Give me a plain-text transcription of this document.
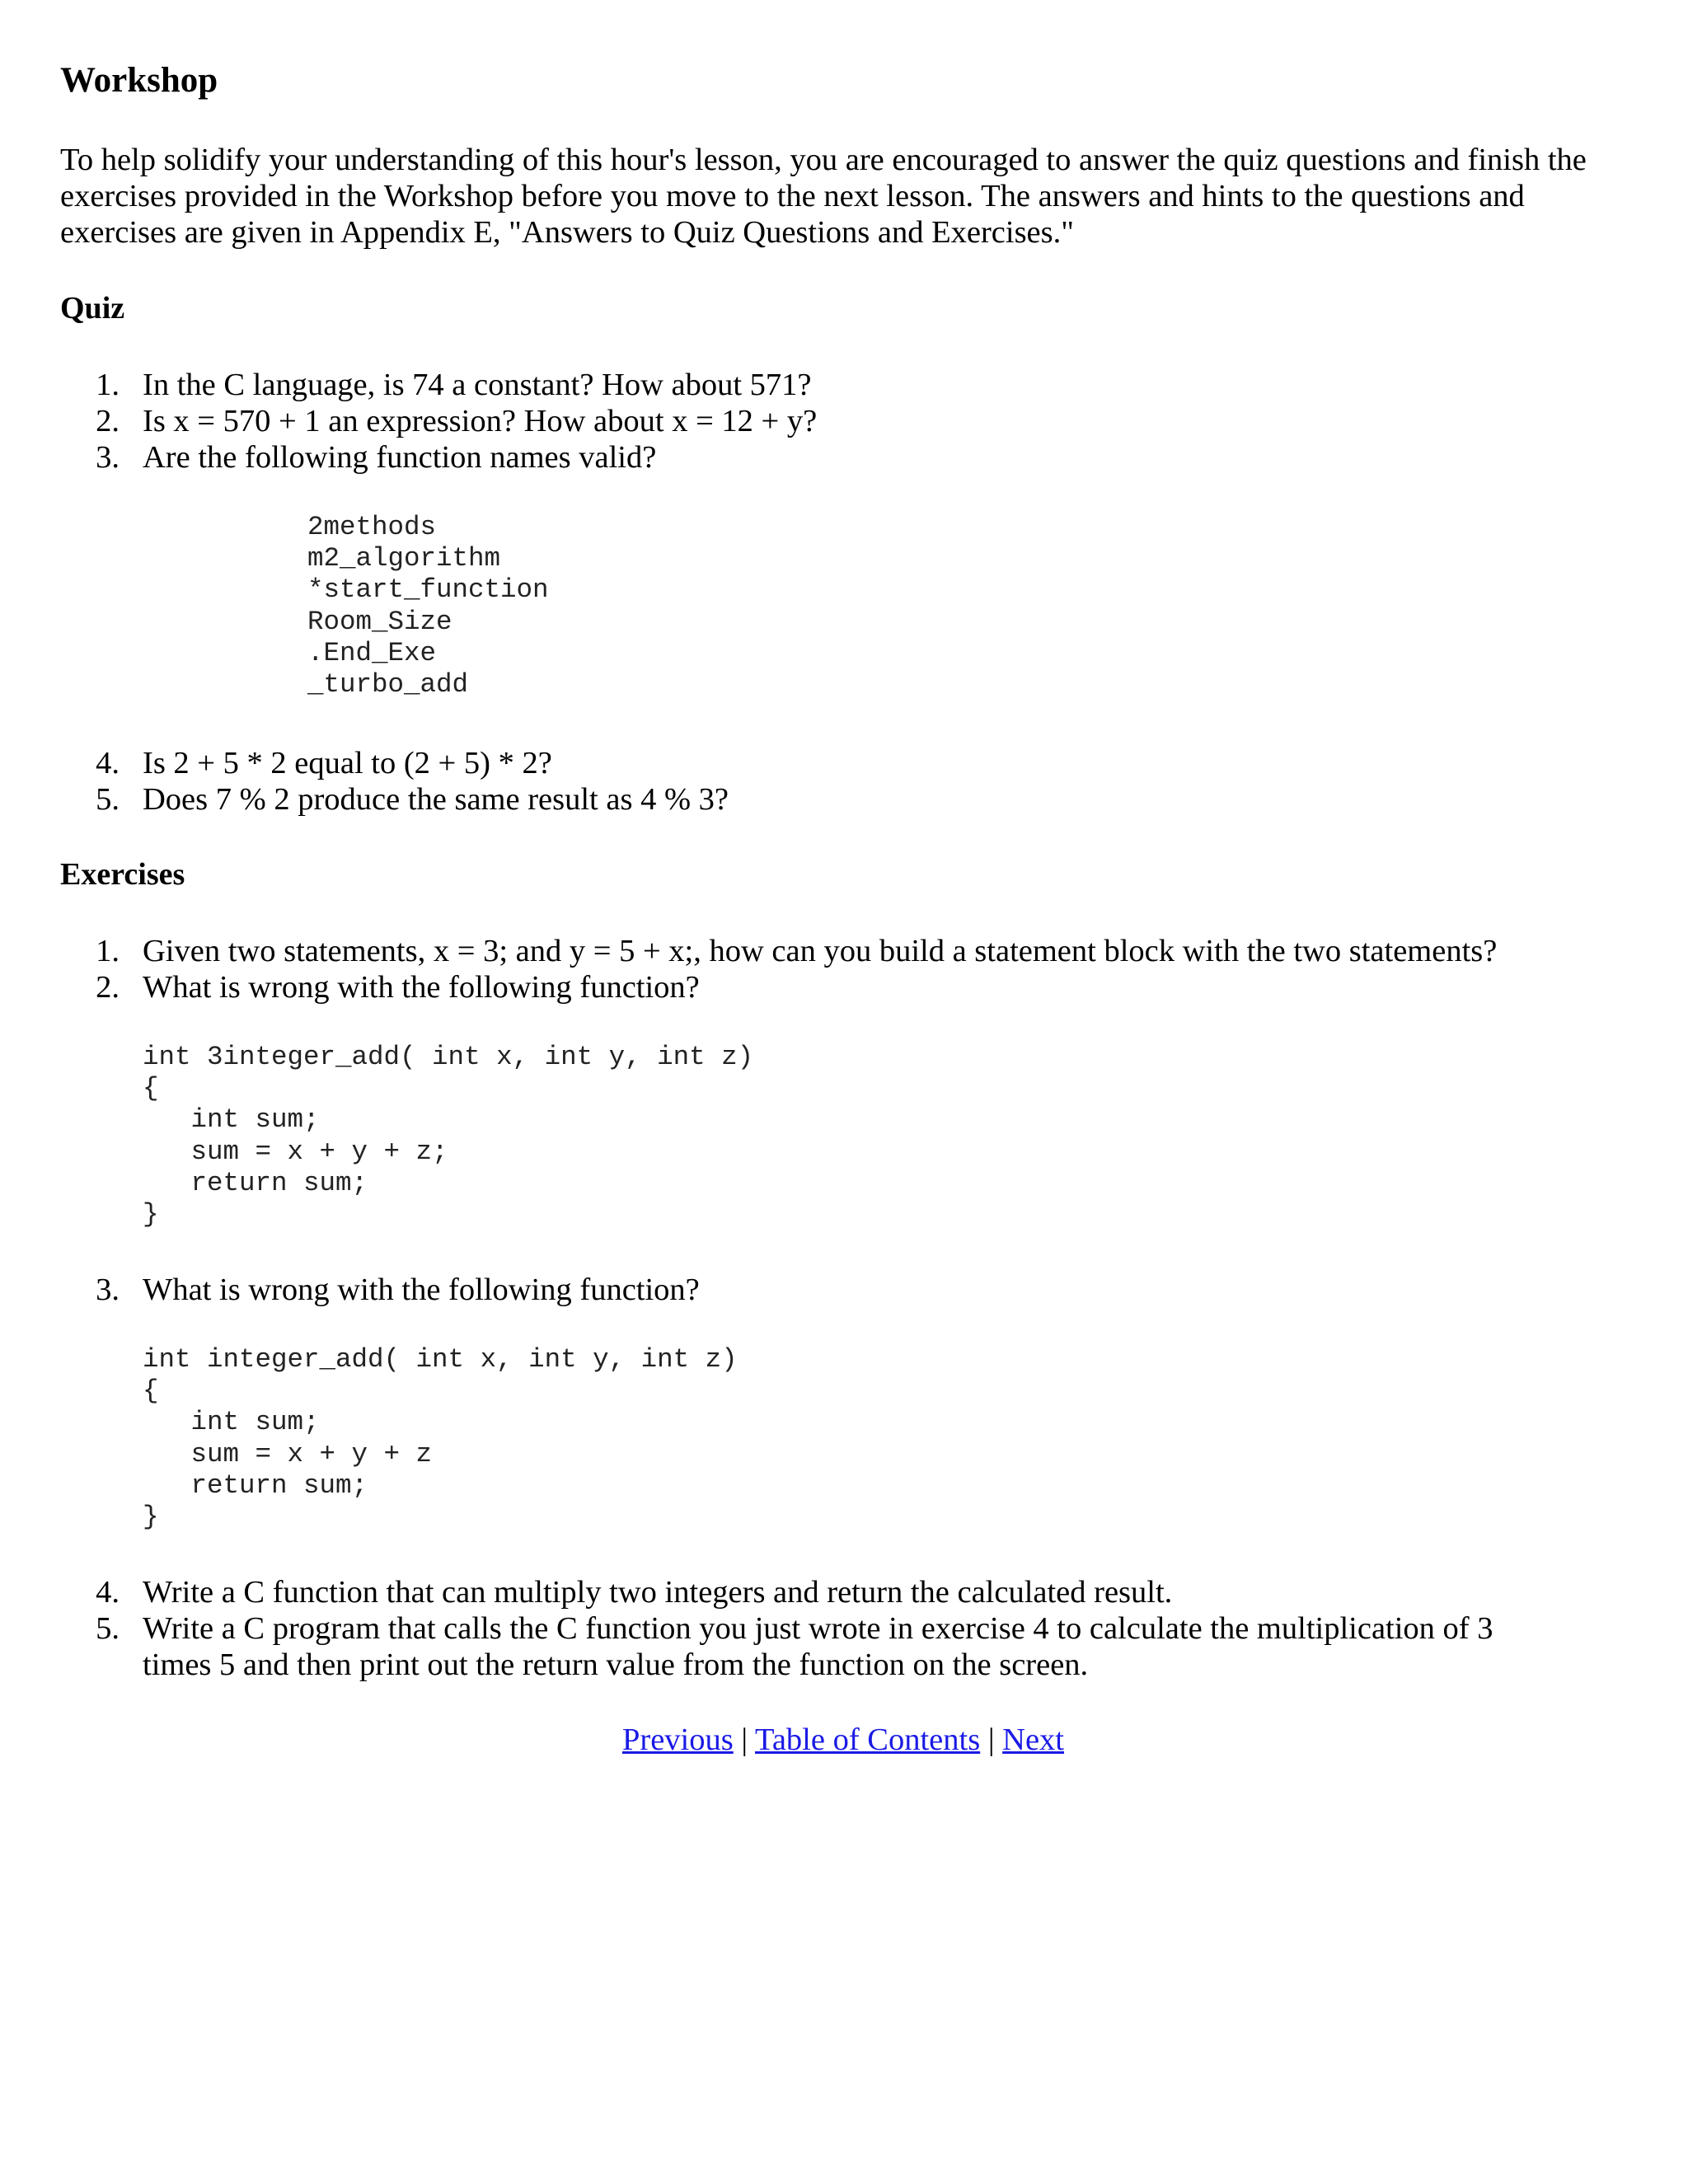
Workshop

To help solidify your understanding of this hour's lesson, you are encouraged to answer the quiz questions and finish the exercises provided in the Workshop before you move to the next lesson. The answers and hints to the questions and exercises are given in Appendix E, "Answers to Quiz Questions and Exercises."

Quiz
1. In the C language, is 74 a constant? How about 571?
2. Is x = 570 + 1 an expression? How about x = 12 + y?
3. Are the following function names valid?
2methods
m2_algorithm
*start_function
Room_Size
.End_Exe
_turbo_add
4. Is 2 + 5 * 2 equal to (2 + 5) * 2?
5. Does 7 % 2 produce the same result as 4 % 3?
Exercises
1. Given two statements, x = 3; and y = 5 + x;, how can you build a statement block with the two statements?
2. What is wrong with the following function?
int 3integer_add( int x, int y, int z)
{
int sum;
sum = x + y + z;
return sum;
}
3. What is wrong with the following function?
int integer_add( int x, int y, int z)
{
int sum;
sum = x + y + z
return sum;
}
4. Write a C function that can multiply two integers and return the calculated result.
5. Write a C program that calls the C function you just wrote in exercise 4 to calculate the multiplication of 3
times 5 and then print out the return value from the function on the screen.
Previous | Table of Contents | Next
